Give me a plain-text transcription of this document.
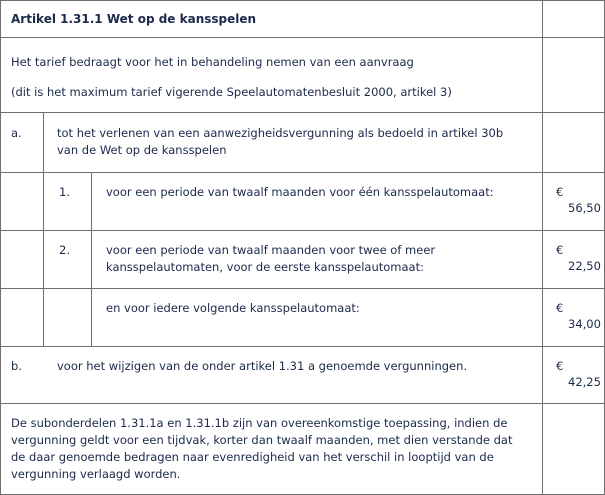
Artikel 1.31.1 Wet op de kansspelen
Het tarief bedraagt voor het in behandeling nemen van een aanvraag
(dit is het maximum tarief vigerende Speelautomatenbesluit 2000, artikel 3)
a.	tot het verlenen van een aanwezigheidsvergunning als bedoeld in artikel 30b van de Wet op de kansspelen
1.	voor een periode van twaalf maanden voor één kansspelautomaat:	€
56,50
2.	voor een periode van twaalf maanden voor twee of meer kansspelautomaten, voor de eerste kansspelautomaat:
€
22,50
en voor iedere volgende kansspelautomaat:	€
34,00
b.	voor het wijzigen van de onder artikel 1.31 a genoemde vergunningen.	€
42,25
De subonderdelen 1.31.1a en 1.31.1b zijn van overeenkomstige toepassing, indien de vergunning geldt voor een tijdvak, korter dan twaalf maanden, met dien verstande dat de daar genoemde bedragen naar evenredigheid van het verschil in looptijd van de vergunning verlaagd worden.
